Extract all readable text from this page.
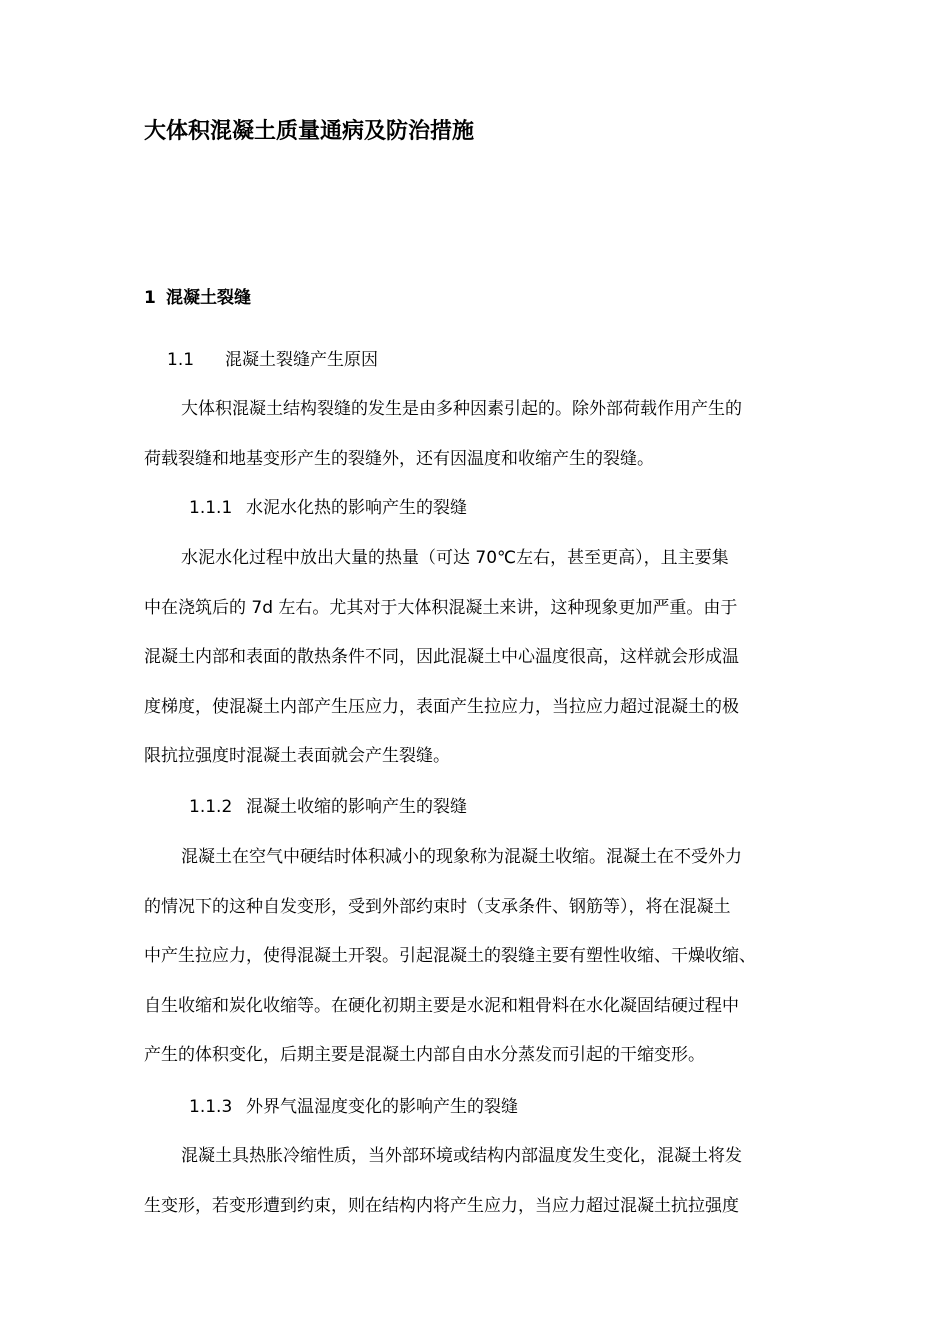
大体积混凝土质量通病及防治措施
1 混凝土裂缝
1.1 混凝土裂缝产生原因
大体积混凝土结构裂缝的发生是由多种因素引起的。除外部荷载作用产生的
荷载裂缝和地基变形产生的裂缝外，还有因温度和收缩产生的裂缝。
1.1.1 水泥水化热的影响产生的裂缝
水泥水化过程中放出大量的热量（可达 70℃左右，甚至更高），且主要集
中在浇筑后的 7d 左右。尤其对于大体积混凝土来讲，这种现象更加严重。由于
混凝土内部和表面的散热条件不同，因此混凝土中心温度很高，这样就会形成温
度梯度，使混凝土内部产生压应力，表面产生拉应力，当拉应力超过混凝土的极
限抗拉强度时混凝土表面就会产生裂缝。
1.1.2 混凝土收缩的影响产生的裂缝
混凝土在空气中硬结时体积减小的现象称为混凝土收缩。混凝土在不受外力
的情况下的这种自发变形，受到外部约束时（支承条件、钢筋等），将在混凝土
中产生拉应力，使得混凝土开裂。引起混凝土的裂缝主要有塑性收缩、干燥收缩、
自生收缩和炭化收缩等。在硬化初期主要是水泥和粗骨料在水化凝固结硬过程中
产生的体积变化，后期主要是混凝土内部自由水分蒸发而引起的干缩变形。
1.1.3 外界气温湿度变化的影响产生的裂缝
混凝土具热胀冷缩性质，当外部环境或结构内部温度发生变化，混凝土将发
生变形，若变形遭到约束，则在结构内将产生应力，当应力超过混凝土抗拉强度
